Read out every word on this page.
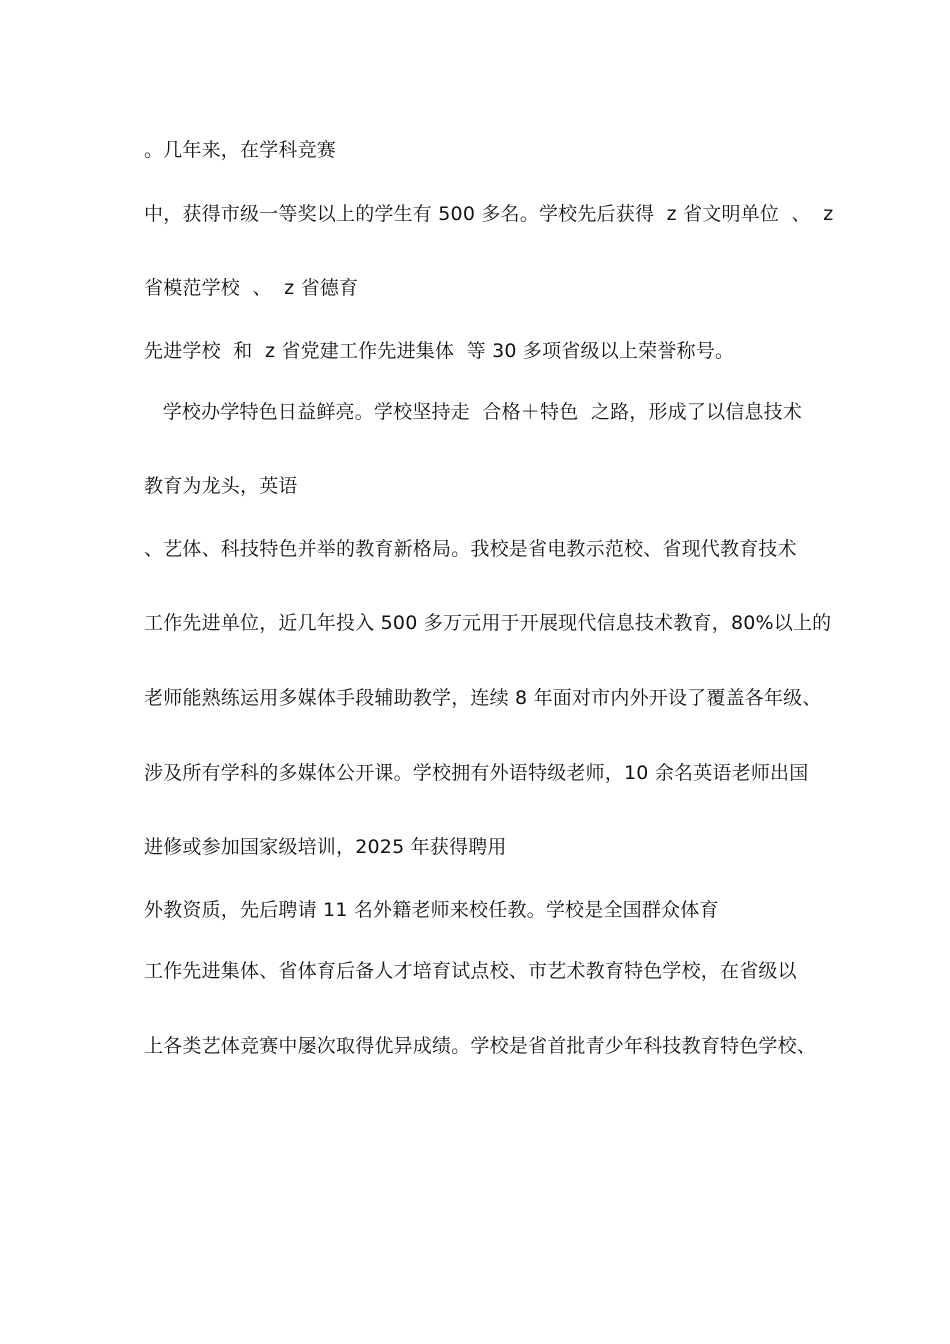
。几年来，在学科竞赛

中，获得市级一等奖以上的学生有 500 多名。学校先后获得  z 省文明单位  、  z

省模范学校  、  z 省德育

先进学校  和  z 省党建工作先进集体  等 30 多项省级以上荣誉称号。

学校办学特色日益鲜亮。学校坚持走  合格＋特色  之路，形成了以信息技术

教育为龙头，英语

、艺体、科技特色并举的教育新格局。我校是省电教示范校、省现代教育技术

工作先进单位，近几年投入 500 多万元用于开展现代信息技术教育，80%以上的

老师能熟练运用多媒体手段辅助教学，连续 8 年面对市内外开设了覆盖各年级、

涉及所有学科的多媒体公开课。学校拥有外语特级老师，10 余名英语老师出国

进修或参加国家级培训，2025 年获得聘用

外教资质，先后聘请 11 名外籍老师来校任教。学校是全国群众体育

工作先进集体、省体育后备人才培育试点校、市艺术教育特色学校，在省级以

上各类艺体竞赛中屡次取得优异成绩。学校是省首批青少年科技教育特色学校、
